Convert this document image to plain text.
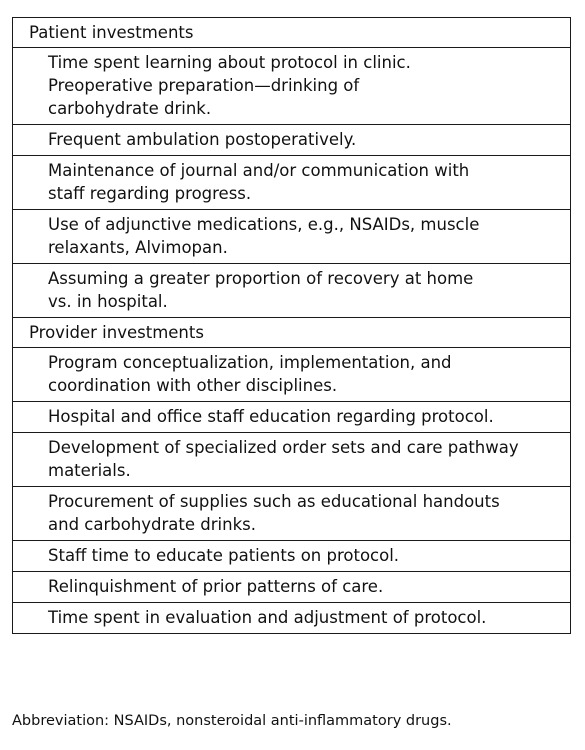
Patient investments

Time spent learning about protocol in clinic.
Preoperative preparation—drinking of
carbohydrate drink.

Frequent ambulation postoperatively.

Maintenance of journal and/or communication with
staff regarding progress.

Use of adjunctive medications, e.g., NSAIDs, muscle
relaxants, Alvimopan.

Assuming a greater proportion of recovery at home
vs. in hospital.

Provider investments

Program conceptualization, implementation, and
coordination with other disciplines.

Hospital and office staff education regarding protocol.

Development of specialized order sets and care pathway
materials.

Procurement of supplies such as educational handouts
and carbohydrate drinks.

Staff time to educate patients on protocol.

Relinquishment of prior patterns of care.

Time spent in evaluation and adjustment of protocol.
Abbreviation: NSAIDs, nonsteroidal anti-inflammatory drugs.
